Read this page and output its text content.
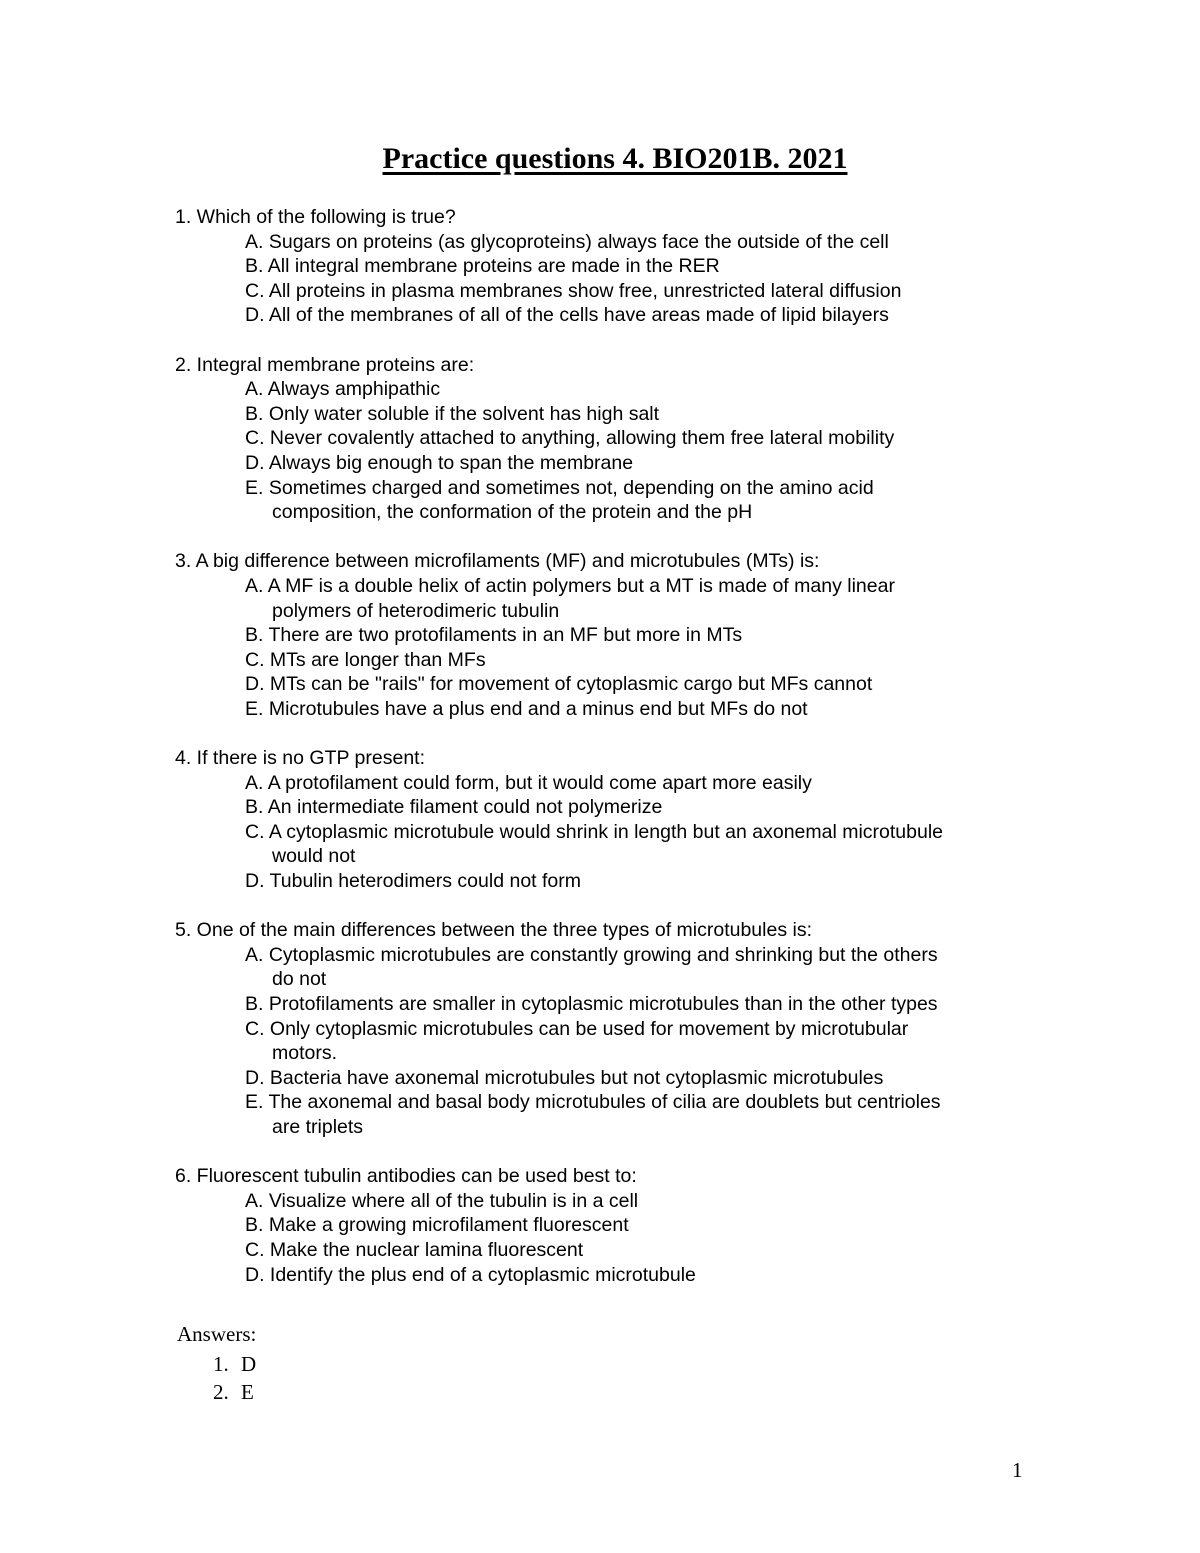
Practice questions 4. BIO201B. 2021
1. Which of the following is true?
A. Sugars on proteins (as glycoproteins) always face the outside of the cell
B. All integral membrane proteins are made in the RER
C. All proteins in plasma membranes show free, unrestricted lateral diffusion
D. All of the membranes of all of the cells have areas made of lipid bilayers
2. Integral membrane proteins are:
A. Always amphipathic
B. Only water soluble if the solvent has high salt
C. Never covalently attached to anything, allowing them free lateral mobility
D. Always big enough to span the membrane
E. Sometimes charged and sometimes not, depending on the amino acid
composition, the conformation of the protein and the pH
3. A big difference between microfilaments (MF) and microtubules (MTs) is:
A. A MF is a double helix of actin polymers but a MT is made of many linear
polymers of heterodimeric tubulin
B. There are two protofilaments in an MF but more in MTs
C. MTs are longer than MFs
D. MTs can be "rails" for movement of cytoplasmic cargo but MFs cannot
E. Microtubules have a plus end and a minus end but MFs do not
4. If there is no GTP present:
A. A protofilament could form, but it would come apart more easily
B. An intermediate filament could not polymerize
C. A cytoplasmic microtubule would shrink in length but an axonemal microtubule
would not
D. Tubulin heterodimers could not form
5. One of the main differences between the three types of microtubules is:
A. Cytoplasmic microtubules are constantly growing and shrinking but the others
do not
B. Protofilaments are smaller in cytoplasmic microtubules than in the other types
C. Only cytoplasmic microtubules can be used for movement by microtubular
motors.
D. Bacteria have axonemal microtubules but not cytoplasmic microtubules
E. The axonemal and basal body microtubules of cilia are doublets but centrioles
are triplets
6. Fluorescent tubulin antibodies can be used best to:
A. Visualize where all of the tubulin is in a cell
B. Make a growing microfilament fluorescent
C. Make the nuclear lamina fluorescent
D. Identify the plus end of a cytoplasmic microtubule
Answers:
1. D
2. E
1
